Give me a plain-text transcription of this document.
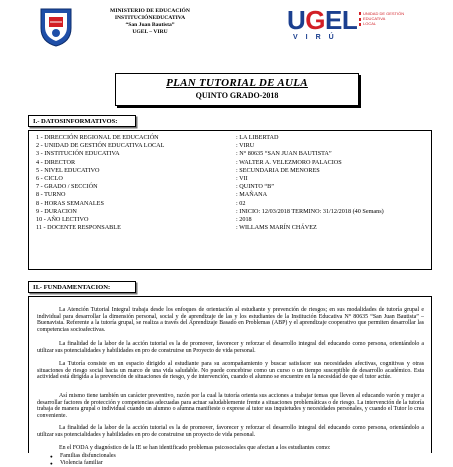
MINISTERIO DE EDUCACIÓN
INSTITUCIÓNEDUCATIVA
“San Juan Bautista”
UGEL – VIRU	UGEL
VIRÚ
UNIDAD DE GESTIÓN
EDUCATIVA
LOCAL
PLAN TUTORIAL DE AULA
QUINTO GRADO-2018
I.- DATOSINFORMATIVOS:
1 - DIRECCIÓN REGIONAL DE EDUCACIÓN	: LA LIBERTAD
2 - UNIDAD DE GESTIÓN EDUCATIVA LOCAL	: VIRU
3 - INSTITUCIÓN EDUCATIVA	: N° 80635 “SAN JUAN BAUTISTA”
4 - DIRECTOR	: WALTER A. VELEZMORO PALACIOS
5 - NIVEL EDUCATIVO	: SECUNDARIA DE MENORES
6 - CICLO	: VII
7 - GRADO / SECCIÓN	: QUINTO “B”
8 - TURNO	: MAÑANA
8 - HORAS SEMANALES	: 02
9 - DURACION	: INICIO: 12/03/2018 TERMINO: 31/12/2018 (40 Semans)
10 - AÑO LECTIVO	: 2018
11 - DOCENTE RESPONSABLE	: WILLAMS MARÍN CHÁVEZ
II.- FUNDAMENTACION:
La Atención Tutorial Integral trabaja desde los enfoques de orientación al estudiante y prevención de riesgos; en sus modalidades de tutoría grupal e individual para desarrollar la dimensión personal, social y de aprendizaje de las y los estudiantes de la Institución Educativa N° 80635 “San Juan Bautista” – Buenavista. Referente a la tutoría grupal, se realiza a través del Aprendizaje Basado en Problemas (ABP) y el aprendizaje cooperativo que permiten desarrollar las competencias socioafectivas.
La finalidad de la labor de la acción tutorial es la de promover, favorecer y reforzar el desarrollo integral del educando como persona, orientándolo a utilizar sus potencialidades y habilidades en pro de construirse un Proyecto de vida personal.
La Tutoría consiste en un espacio dirigido al estudiante para su acompañamiento y buscar satisfacer sus necesidades afectivas, cognitivas y otras situaciones de riesgo social hacia un marco de una vida saludable. No puede concebirse como un curso o un tiempo susceptible de desarrollo académico. Esta actividad está dirigida a la prevención de situaciones de riesgo, y de intervención, cuando el alumno se encuentre en la necesidad de que el tutor actúe.
Así mismo tiene también un carácter preventivo, razón por la cual la tutoría orienta sus acciones a trabajar temas que lleven al educando varón y mujer a desarrollar factores de protección y competencias adecuadas para actuar saludablemente frente a situaciones problemáticas o de riesgo. La intervención de la tutoría trabaja de manera grupal o individual cuando un alumno o alumna manifieste o exprese al tutor sus inquietudes y necesidades personales, y cuando el Tutor lo crea conveniente.
La finalidad de la labor de la acción tutorial es la de promover, favorecer y reforzar el desarrollo integral del educando como persona, orientándolo a utilizar sus potencialidades y habilidades en pro de construirse un proyecto de vida personal.
En el FODA y diagnóstico de la IE se han identificado problemas psicosociales que afectan a los estudiantes como:
● Familias disfuncionales
● Violencia familiar
